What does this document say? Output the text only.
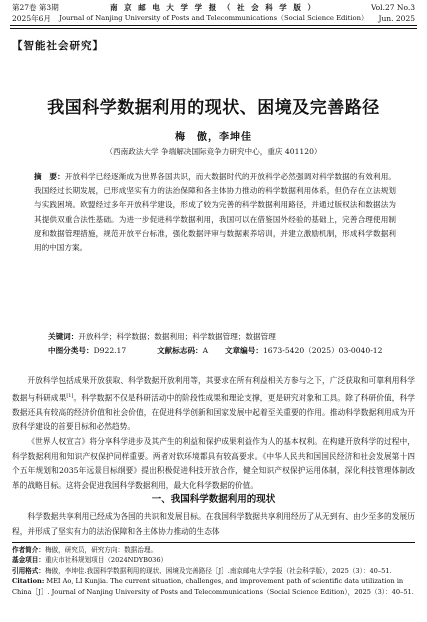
第27卷 第3期
2025年6月
南 京 邮 电 大 学 学 报 （ 社 会 科 学 版 ）
Journal of Nanjing University of Posts and Telecommunications（Social Science Edition）
Vol.27 No.3
Jun. 2025
【智能社会研究】
我国科学数据利用的现状、困境及完善路径
梅　傲，李坤佳
（西南政法大学 争端解决国际竞争力研究中心，重庆 401120）
摘　要：开放科学已经逐渐成为世界各国共识，而大数据时代的开放科学必然强调对科学数据的有效利用。我国经过长期发展，已形成坚实有力的法治保障和各主体协力推动的科学数据利用体系，但仍存在立法规划与实践困境。欧盟经过多年开放科学建设，形成了较为完善的科学数据利用路径，并通过版权法和数据法为其提供双重合法性基础。为进一步促进科学数据利用，我国可以在借鉴国外经验的基础上，完善合理使用制度和数据管理措施，规范开放平台标准，强化数据评审与数据素养培训，并建立激励机制，形成科学数据利用的中国方案。
关键词：开放科学；科学数据；数据利用；科学数据管理；数据管理
中图分类号：D922.17	文献标志码：A 文章编号：1673-5420（2025）03-0040-12

开放科学包括成果开放获取、科学数据开放利用等，其要求在所有利益相关方参与之下，广泛获取和可靠利用科学数据与科研成果[1]。科学数据不仅是科研活动中的阶段性成果和理论支撑，更是研究对象和工具。除了科研价值，科学数据还具有较高的经济价值和社会价值，在促进科学创新和国家发展中起着至关重要的作用。推动科学数据利用成为开放科学建设的首要目标和必然趋势。

《世界人权宣言》将分享科学进步及其产生的利益和保护成果利益作为人的基本权利。在构建开放科学的过程中，科学数据利用和知识产权保护同样重要。两者对软环境都具有较高要求。《中华人民共和国国民经济和社会发展第十四个五年规划和2035年远景目标纲要》提出积极促进科技开放合作，健全知识产权保护运用体制，深化科技管理体制改革的战略目标。这将会促进我国科学数据利用，最大化科学数据的价值。

一、我国科学数据利用的现状

科学数据共享利用已经成为各国的共识和发展目标。在我国科学数据共享利用经历了从无到有、由少至多的发展历程，并形成了坚实有力的法治保障和各主体协力推动的生态体

作者简介：梅傲，研究员，研究方向：数据治理。
基金项目：重庆市社科规划项目（2024NDYB036）
引用格式：梅傲，李坤佳.我国科学数据利用的现状、困境及完善路径［J］.南京邮电大学学报（社会科学版），2025（3）：40–51.
Citation: MEI Ao, LI Kunjia. The current situation, challenges, and improvement path of scientific data utilization in China［J］. Journal of Nanjing University of Posts and Telecommunications（Social Science Edition），2025（3）：40–51.
